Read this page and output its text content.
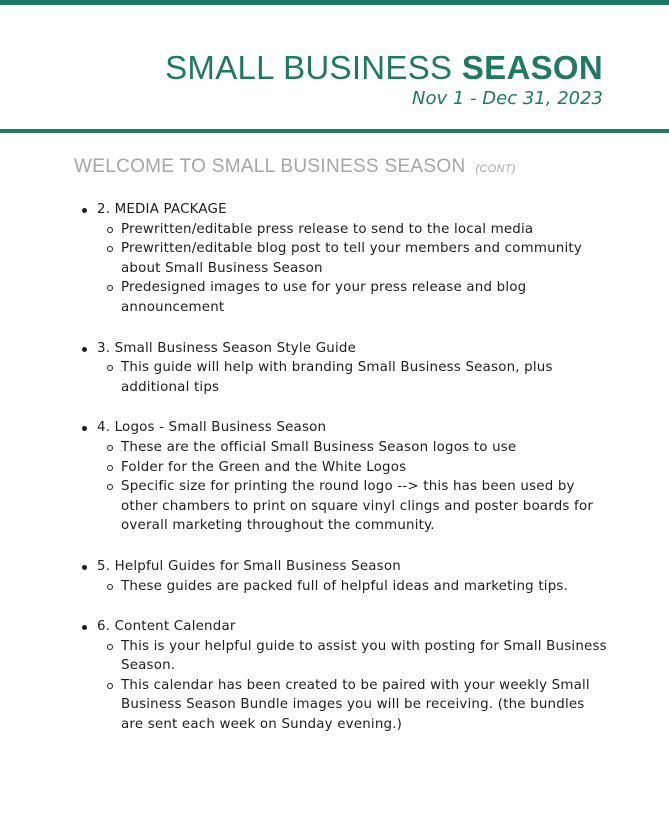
SMALL BUSINESS SEASON
Nov 1 - Dec 31, 2023
WELCOME TO SMALL BUSINESS SEASON (CONT)
2. MEDIA PACKAGE
Prewritten/editable press release to send to the local media
Prewritten/editable blog post to tell your members and community about Small Business Season
Predesigned images to use for your press release and blog announcement
3. Small Business Season Style Guide
This guide will help with branding Small Business Season, plus additional tips
4. Logos - Small Business Season
These are the official Small Business Season logos to use
Folder for the Green and the White Logos
Specific size for printing the round logo --> this has been used by other chambers to print on square vinyl clings and poster boards for overall marketing throughout the community.
5. Helpful Guides for Small Business Season
These guides are packed full of helpful ideas and marketing tips.
6. Content Calendar
This is your helpful guide to assist you with posting for Small Business Season.
This calendar has been created to be paired with your weekly Small Business Season Bundle images you will be receiving. (the bundles are sent each week on Sunday evening.)
